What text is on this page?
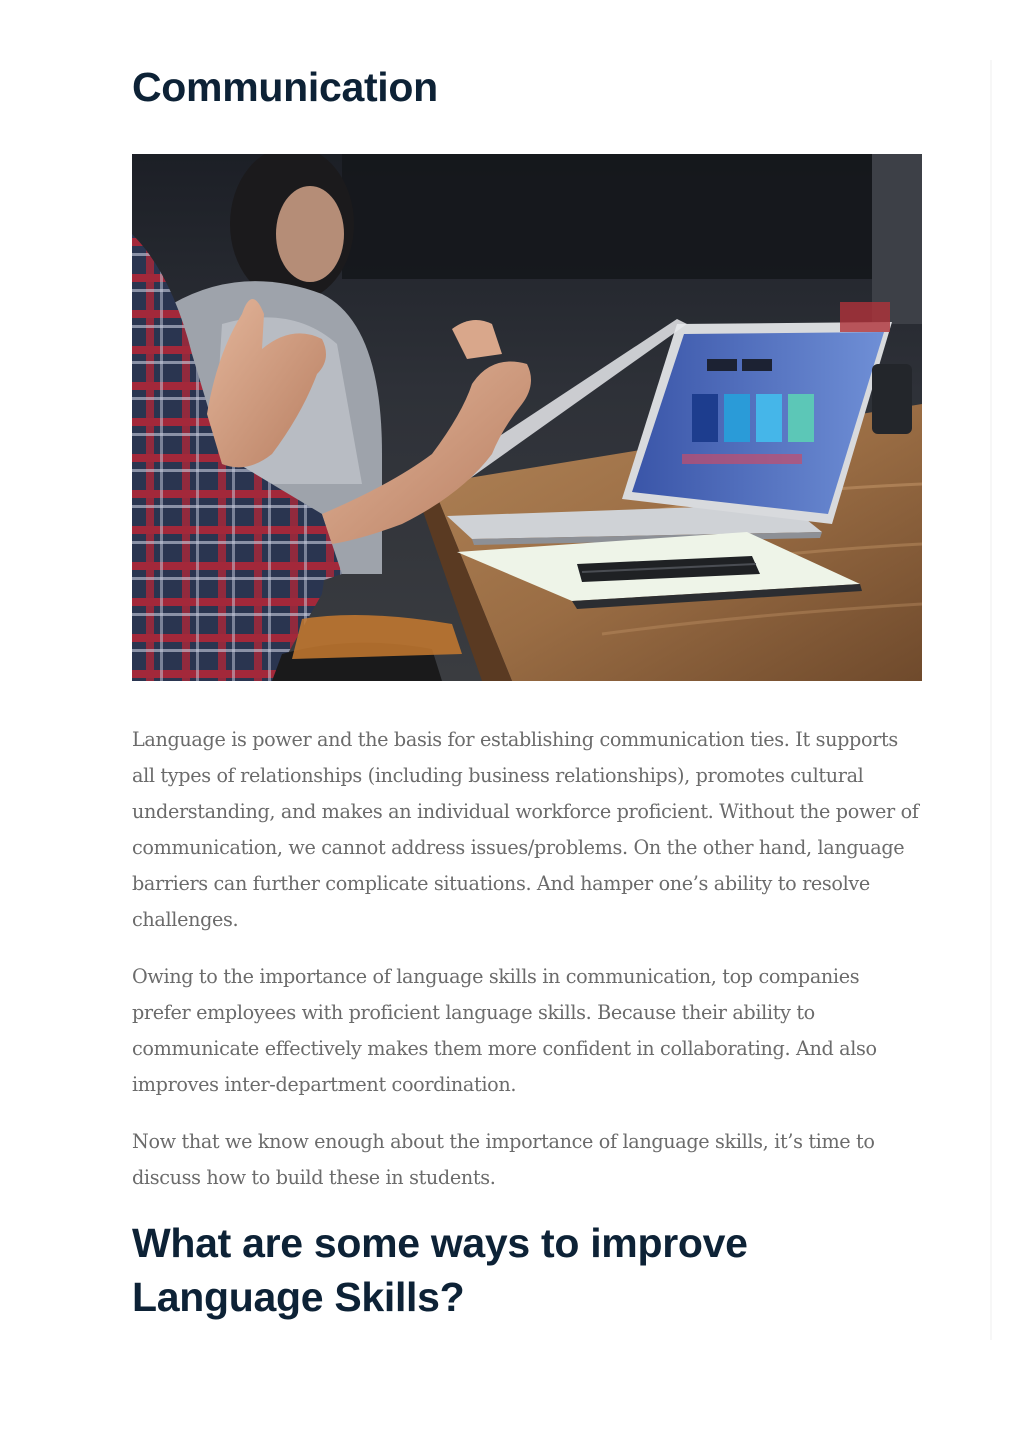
Communication

Language is power and the basis for establishing communication ties. It supports all types of relationships (including business relationships), promotes cultural understanding, and makes an individual workforce proficient. Without the power of communication, we cannot address issues/problems. On the other hand, language barriers can further complicate situations. And hamper one’s ability to resolve challenges.

Owing to the importance of language skills in communication, top companies prefer employees with proficient language skills. Because their ability to communicate effectively makes them more confident in collaborating. And also improves inter-department coordination.

Now that we know enough about the importance of language skills, it’s time to discuss how to build these in students.

What are some ways to improve Language Skills?
